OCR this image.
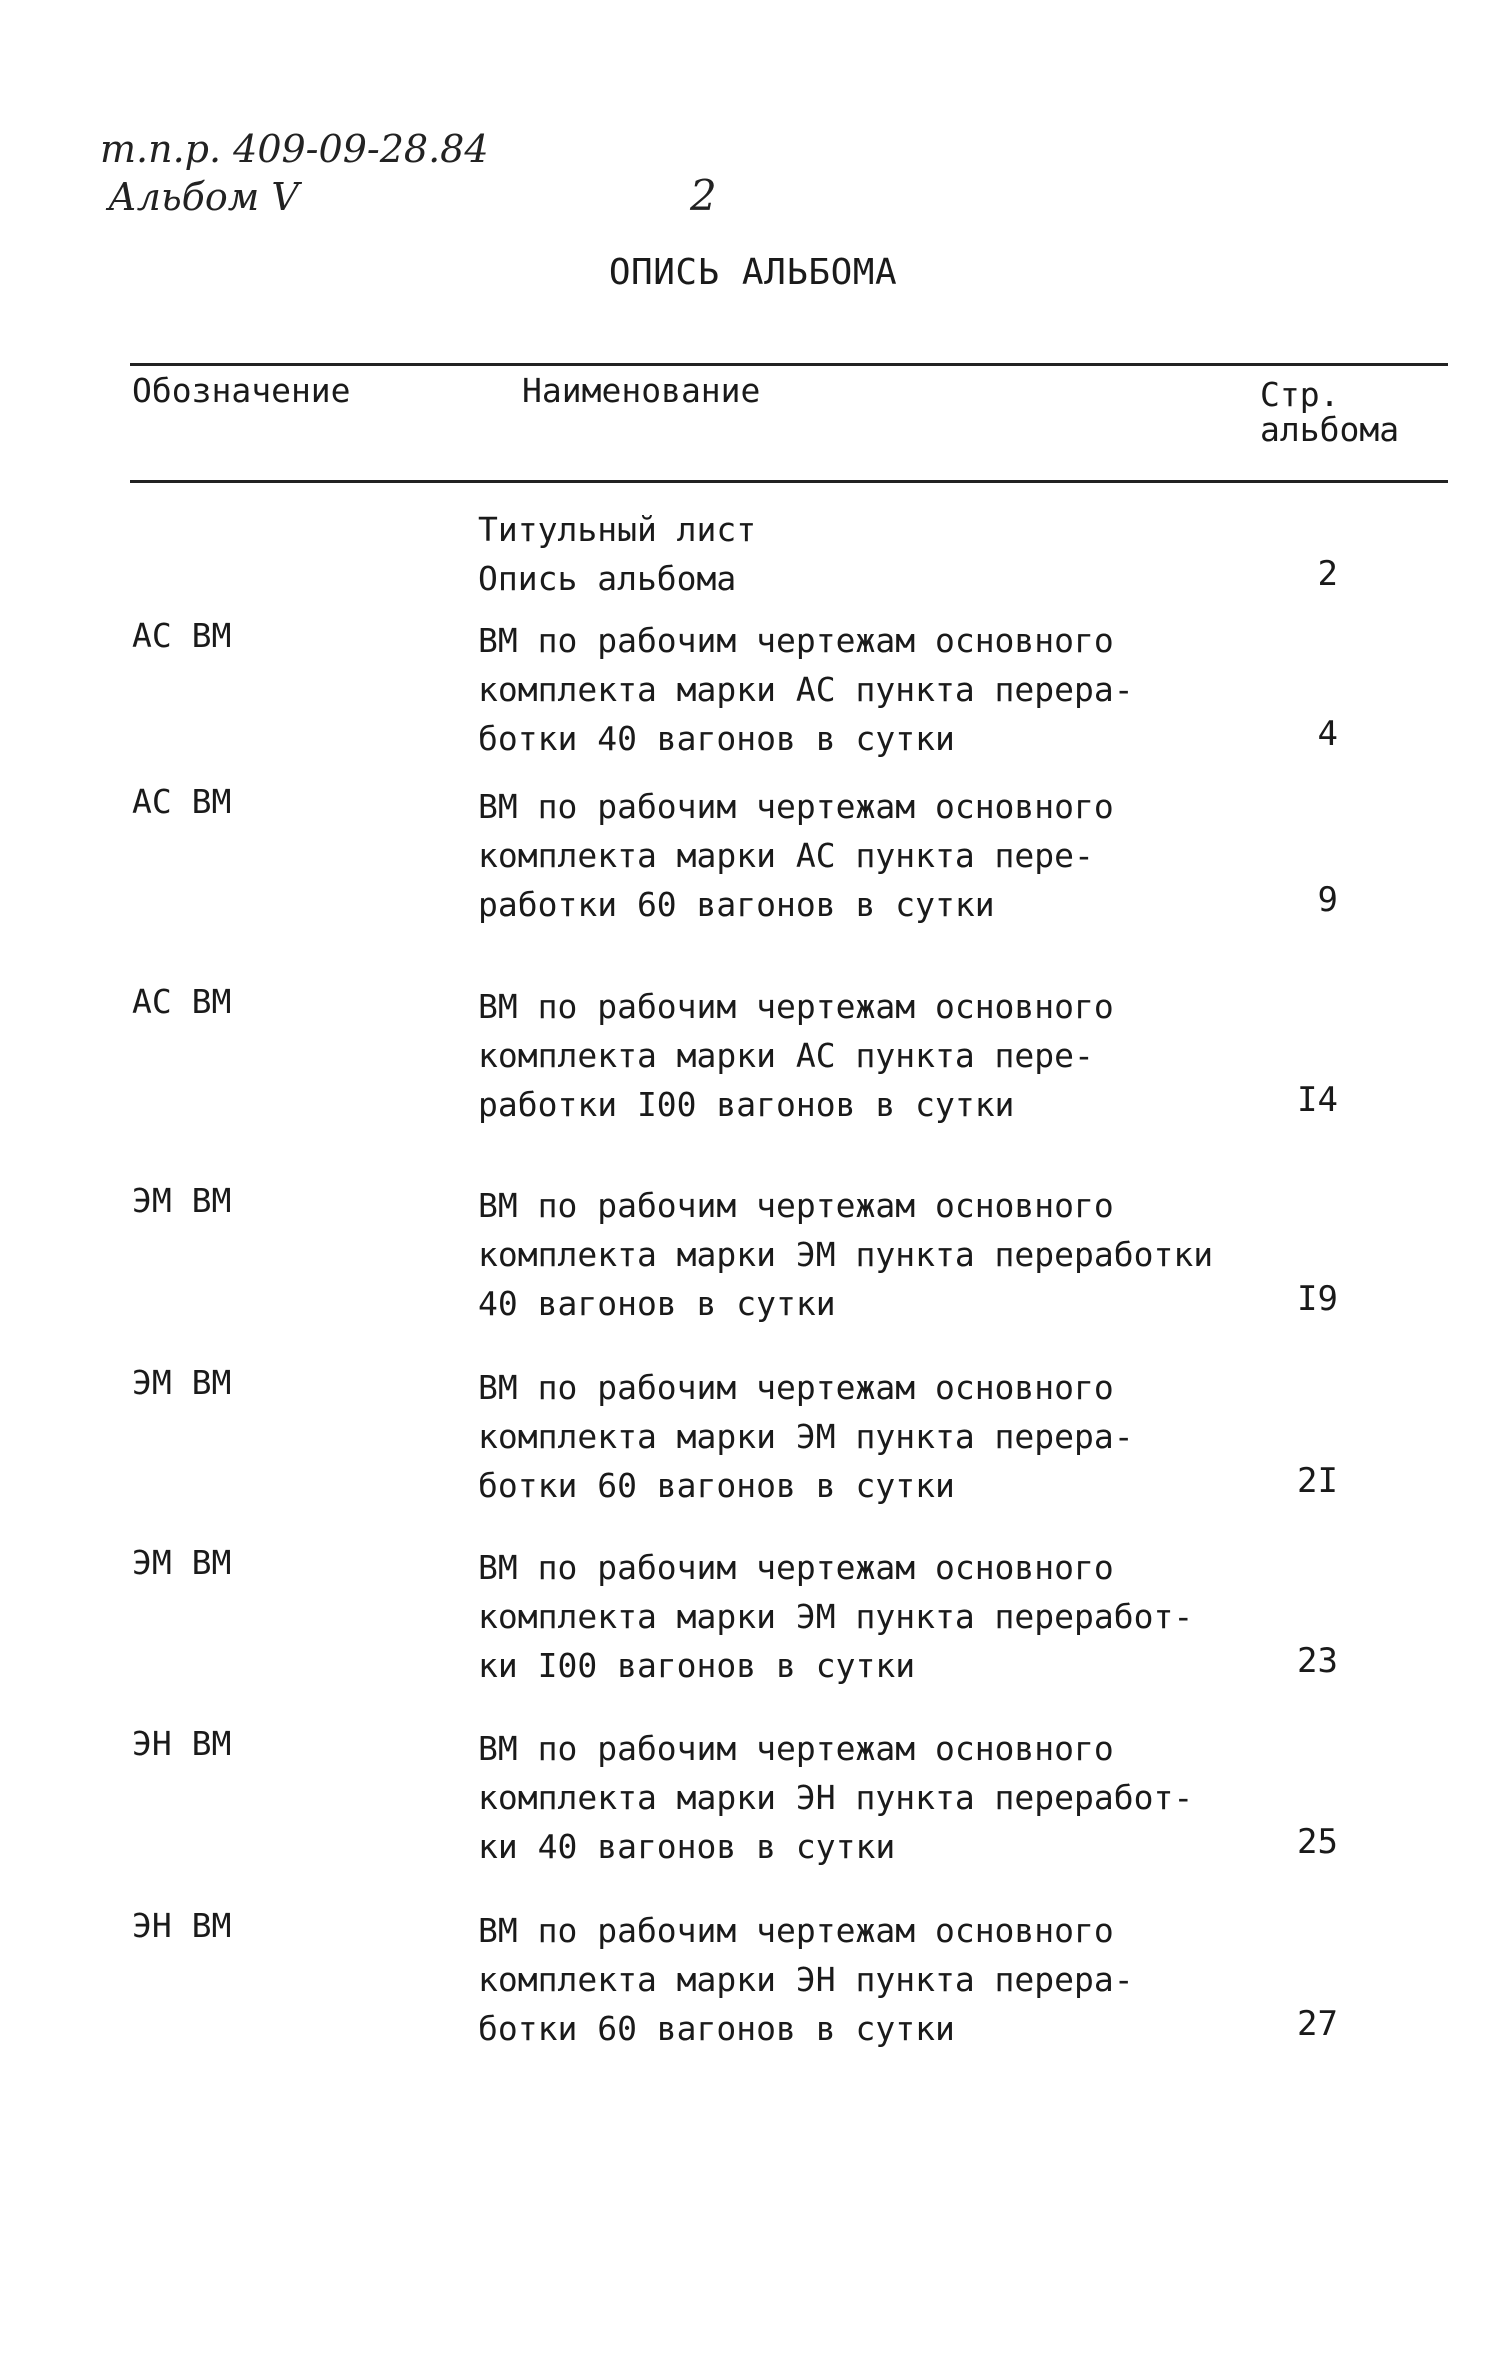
т.п.р. 409-09-28.84
Альбом V	2
ОПИСЬ АЛЬБОМА
Обозначение	Наименование	Стр.
альбома
Титульный лист
Опись альбома	2
АС ВМ	ВМ по рабочим чертежам основного
комплекта марки АС пункта перера-
ботки 40 вагонов в сутки	4
АС ВМ	ВМ по рабочим чертежам основного
комплекта марки АС пункта пере-
работки 60 вагонов в сутки	9
АС ВМ	ВМ по рабочим чертежам основного
комплекта марки АС пункта пере-
работки I00 вагонов в сутки	I4
ЭМ ВМ	ВМ по рабочим чертежам основного
комплекта марки ЭМ пункта переработки
40 вагонов в сутки	I9
ЭМ ВМ	ВМ по рабочим чертежам основного
комплекта марки ЭМ пункта перера-
ботки 60 вагонов в сутки	2I
ЭМ ВМ	ВМ по рабочим чертежам основного
комплекта марки ЭМ пункта переработ-
ки I00 вагонов в сутки	23
ЭН ВМ	ВМ по рабочим чертежам основного
комплекта марки ЭН пункта переработ-
ки 40 вагонов в сутки	25
ЭН ВМ	ВМ по рабочим чертежам основного
комплекта марки ЭН пункта перера-
ботки 60 вагонов в сутки	27
